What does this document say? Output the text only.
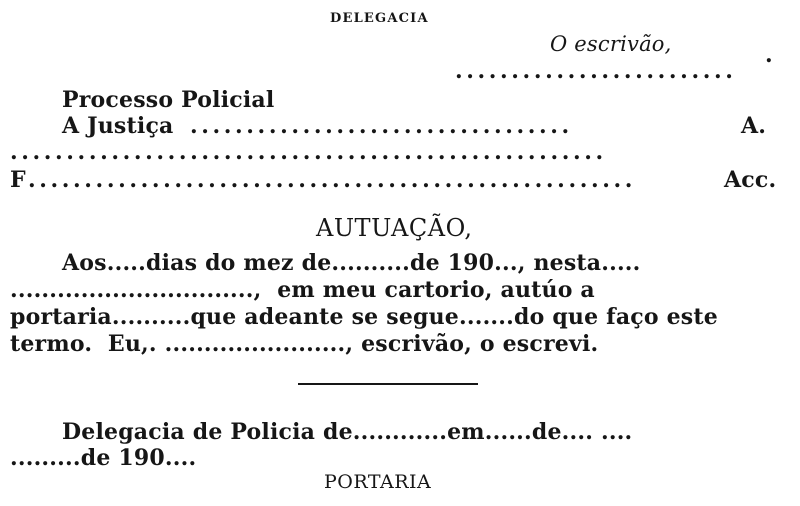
DELEGACIA
O escrivão,	.
.........................
Processo Policial
A Justiça ..................................	A.
.....................................................
F ......................................................	Acc.
AUTUAÇÃO,
Aos.....dias do mez de..........de 190..., nesta.....
...............................,  em meu cartorio, autúo a
portaria..........que adeante se segue.......do que faço este
termo.  Eu,. ......................., escrivão, o escrevi.
Delegacia de Policia de............em......de.... ....
.........de 190....
PORTARIA
